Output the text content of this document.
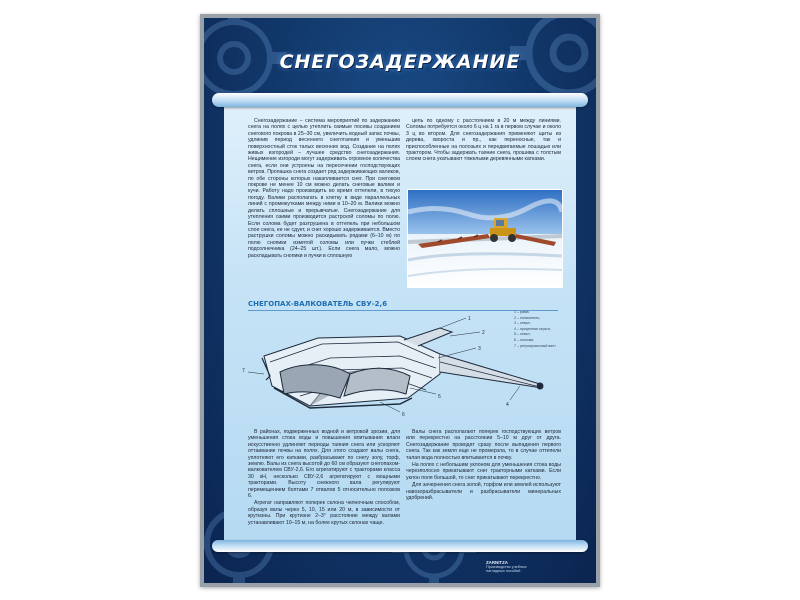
СНЕГОЗАДЕРЖАНИЕ

Снегозадержание – система мероприятий по задержанию снега на полях с целью утеплить озимые посевы созданием снегового покрова в 25–30 см, увеличить водный запас почвы, удлинив период весеннего снеготаяния и уменьшив поверхностный сток талых весенних вод. Создание на полях живых изгородей – лучшее средство снегозадержания. Нещимение изгороди могут задерживать огромное количества снега, если они устроены на пересечении господствующих ветров. Пропашка снега создает ряд задерживающих валиков, по обе стороны которых накапливается снег. При снеговом покрове не менее 10 см можно делать снеговые валики и кучи. Работу надо производить во время оттепели, в тихую погоду. Валики располагать в клетку в виде параллельных линий с промежутками между ними в 10–20 м. Валики можно делать сплошные и прерывчатые. Снегозадержание для утепления озими производится растрской соломы по полю. Если солома будет разтрушена в оттепель при небольшом слое снега, ее не сдует, и снег хорошо задерживается. Вместо раструшки соломы можно раскидывать рядами (6–10 м) по полю снопики измятой соломы или пучки стеблей подсолнечника (24–25 шт.). Если снега мало, можно раскладывать снопики и пучки в сплошную

цепь по одному с расстоянием в 20 м между линиями. Соломы потребуется около 6 ц на 1 га в первом случае и около 3 ц во втором. Для снегозадержания применяют щиты из дерева, хвороста и пр., как переносные, так и приспособленные на полозьях и передвигаемые лошадью или трактором. Чтобы задержать таяние снега, прошива с толстым слоем снега укатывают тяжелыми деревянными катками.

СНЕГОПАХ-ВАЛКОВАТЕЛЬ СВУ-2,6
1
2
3
4
5
6
7
1 – рама;
2 – понизитель;
3 – отвал;
4 – прицепная серьга;
5 – отвал;
6 – полозки;
7 – регулировочный винт

В районах, подверженных водной и ветровой эрозии, для уменьшения стока воды и повышения впитывания влаги искусственно удлиняют периоды таяния снега или ускоряют оттаивание почвы на полях. Для этого создают валы снега, уплотняют его катками, разбрасывают по снегу золу, торф, землю. Валы из снега высотой до 60 см образуют снегопахом-валкователем СВУ-2,6. Его агрегатируют с тракторами класса 30 кН, несколько СВУ-2,6 агрегатируют с мощными тракторами. Высоту снежного вала регулируют перемещением болтами 7 отвалов 5 относительно полозков 6.

Агрегат направляют поперек склона челночным способом, образуя валы через 5, 10, 15 или 20 м, в зависимости от крутизны. При крутизне 2–3° расстояние между валами устанавливают 10–15 м, на более крутых склонах чаще.

Валы снега располагают поперек господствующих ветров или перекрестно на расстоянии 5–10 м друг от друга. Снегозадержание проводят сразу после выпадения первого снега. Так как земля еще не промерзла, то в случае оттепели талая вода полностью впитывается в почву.

На полях с небольшим уклоном для уменьшения стока воды черезполосно прикатывают снег тракторными катками. Если уклон поля большой, то снег прикатывают перекрестно.

Для зачернения снега золой, торфом или землей используют навозоразбрасыватели и разбрасыватели минеральных удобрений.

ZARNITZA
Производство учебных
наглядных пособий
